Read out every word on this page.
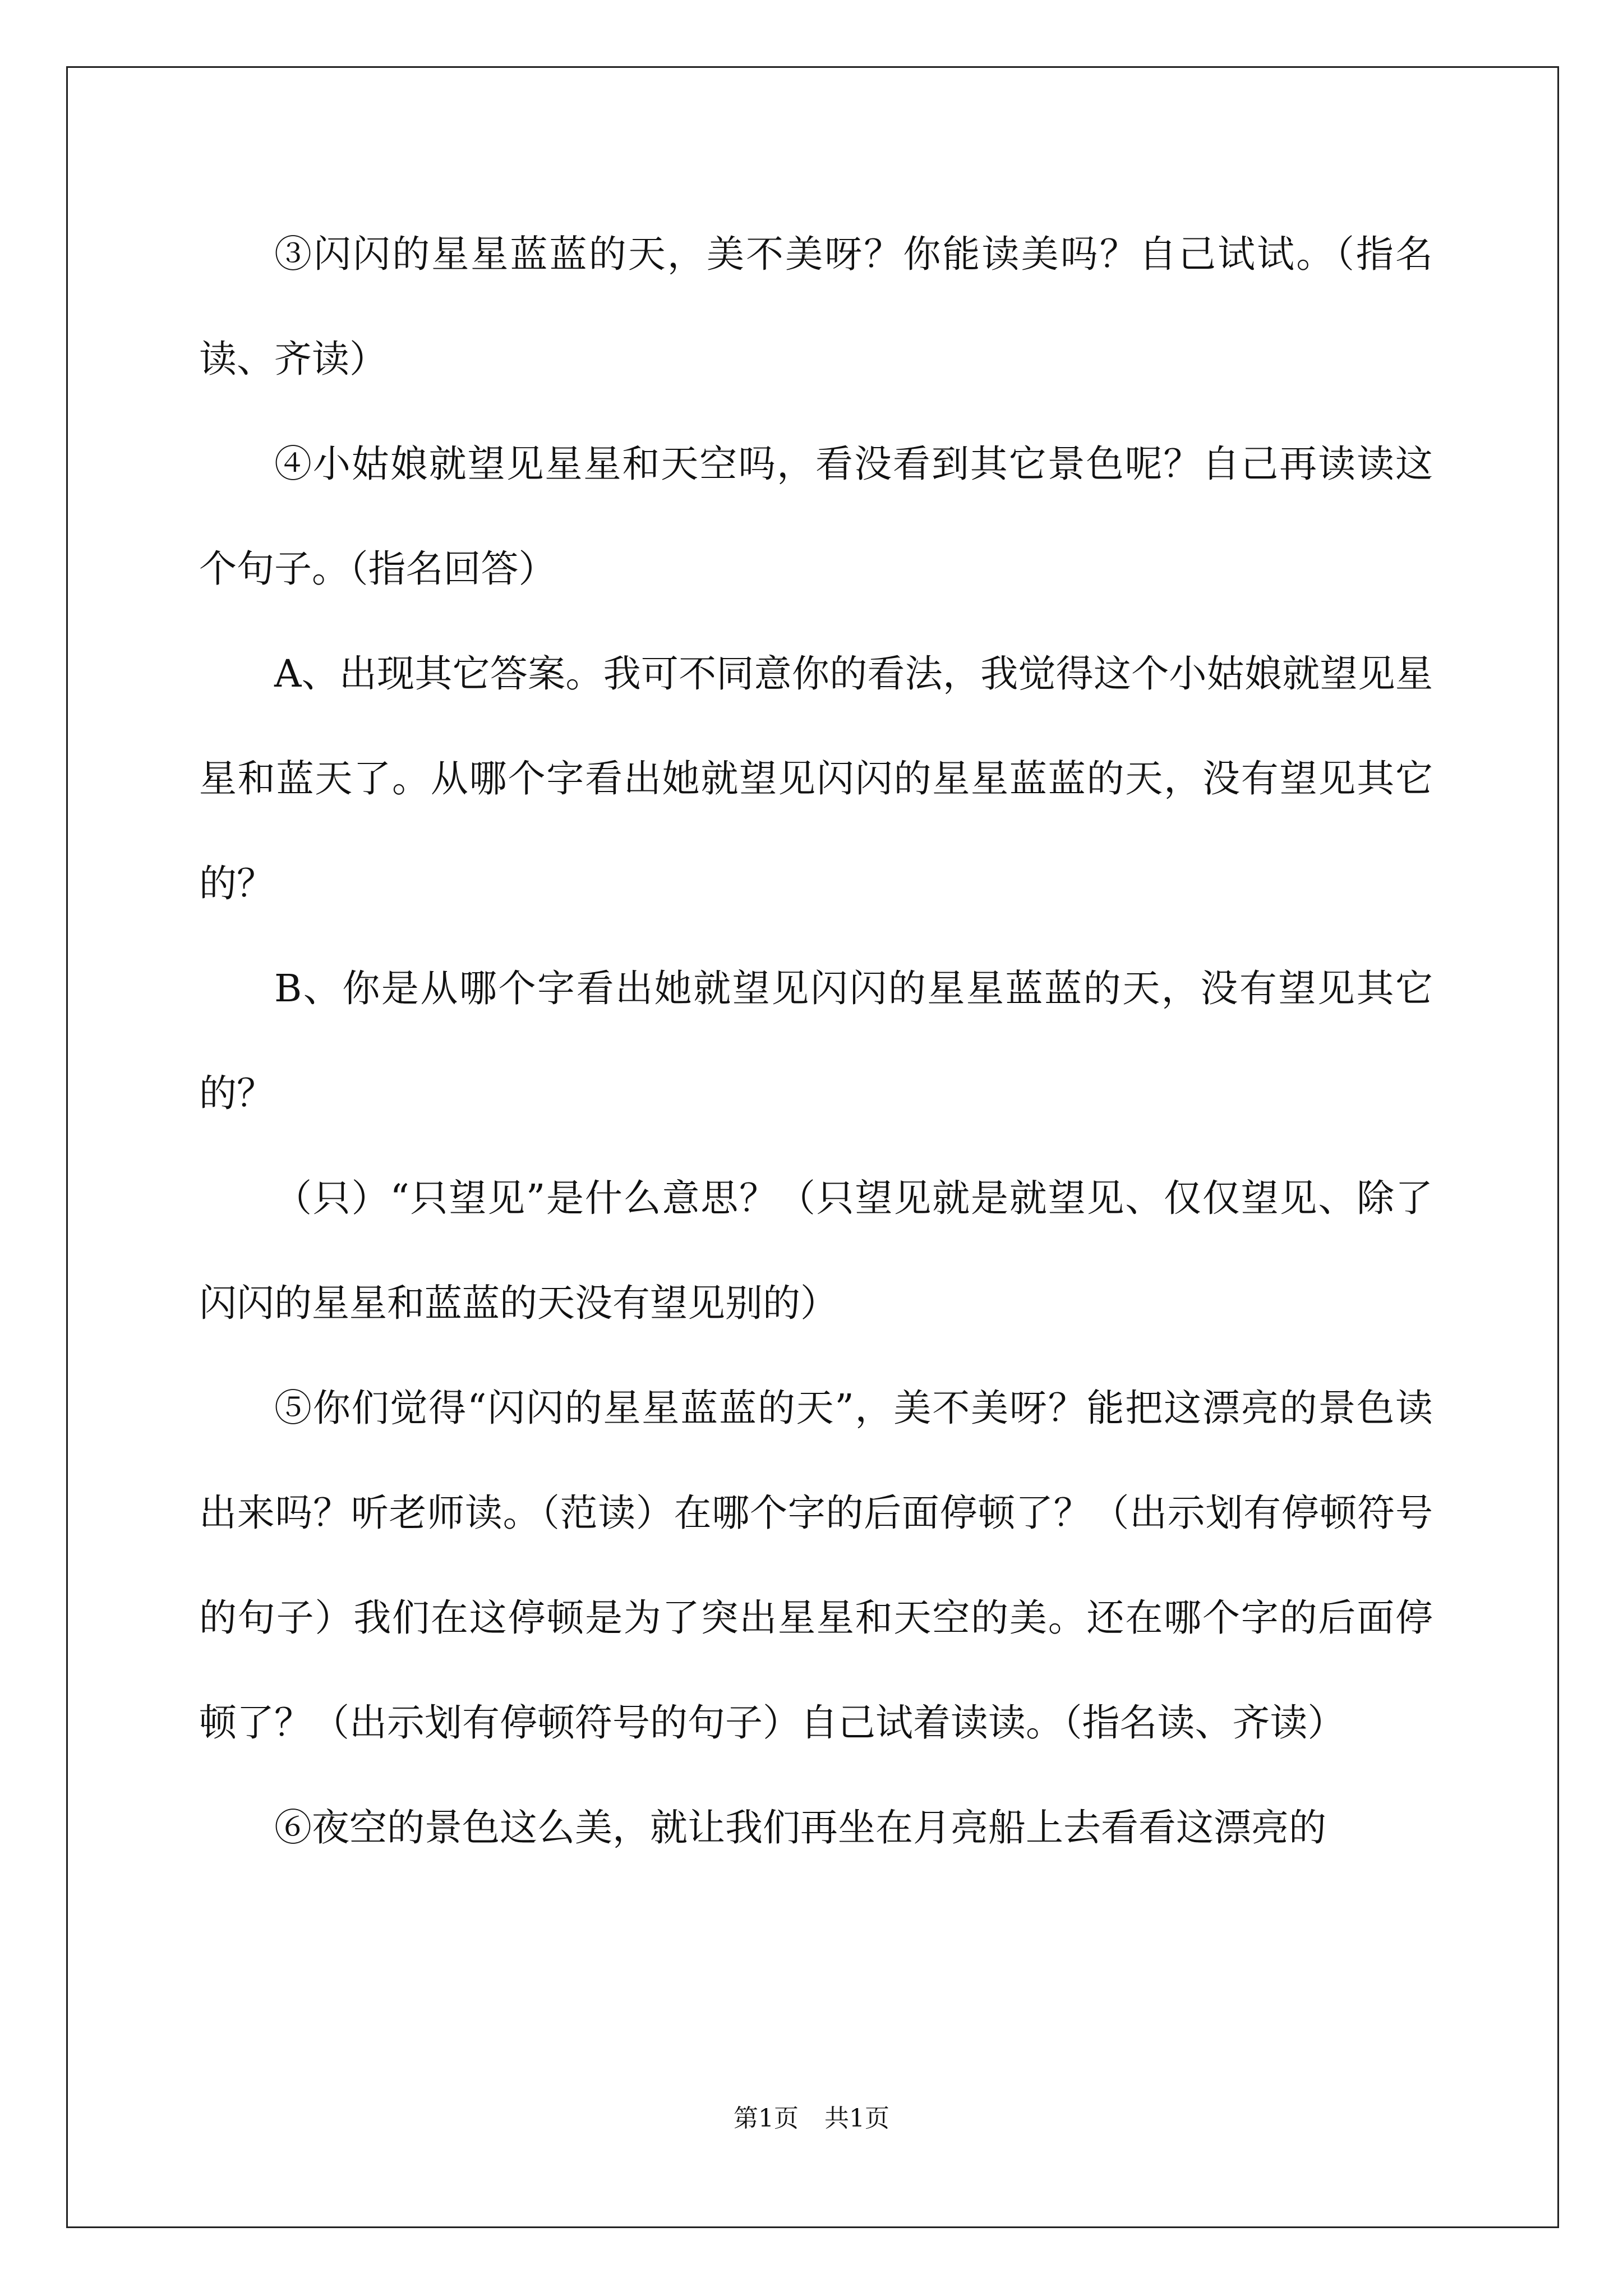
③闪闪的星星蓝蓝的天，美不美呀？你能读美吗？自己试试。（指名读、齐读）

④小姑娘就望见星星和天空吗，看没看到其它景色呢？自己再读读这个句子。（指名回答）

A、出现其它答案。我可不同意你的看法，我觉得这个小姑娘就望见星星和蓝天了。从哪个字看出她就望见闪闪的星星蓝蓝的天，没有望见其它的？

B、你是从哪个字看出她就望见闪闪的星星蓝蓝的天，没有望见其它的？

（只）“只望见”是什么意思？（只望见就是就望见、仅仅望见、除了闪闪的星星和蓝蓝的天没有望见别的）

⑤你们觉得“闪闪的星星蓝蓝的天”，美不美呀？能把这漂亮的景色读出来吗？听老师读。（范读）在哪个字的后面停顿了？（出示划有停顿符号的句子）我们在这停顿是为了突出星星和天空的美。还在哪个字的后面停顿了？（出示划有停顿符号的句子）自己试着读读。（指名读、齐读）

⑥夜空的景色这么美，就让我们再坐在月亮船上去看看这漂亮的

第1页 共1页
